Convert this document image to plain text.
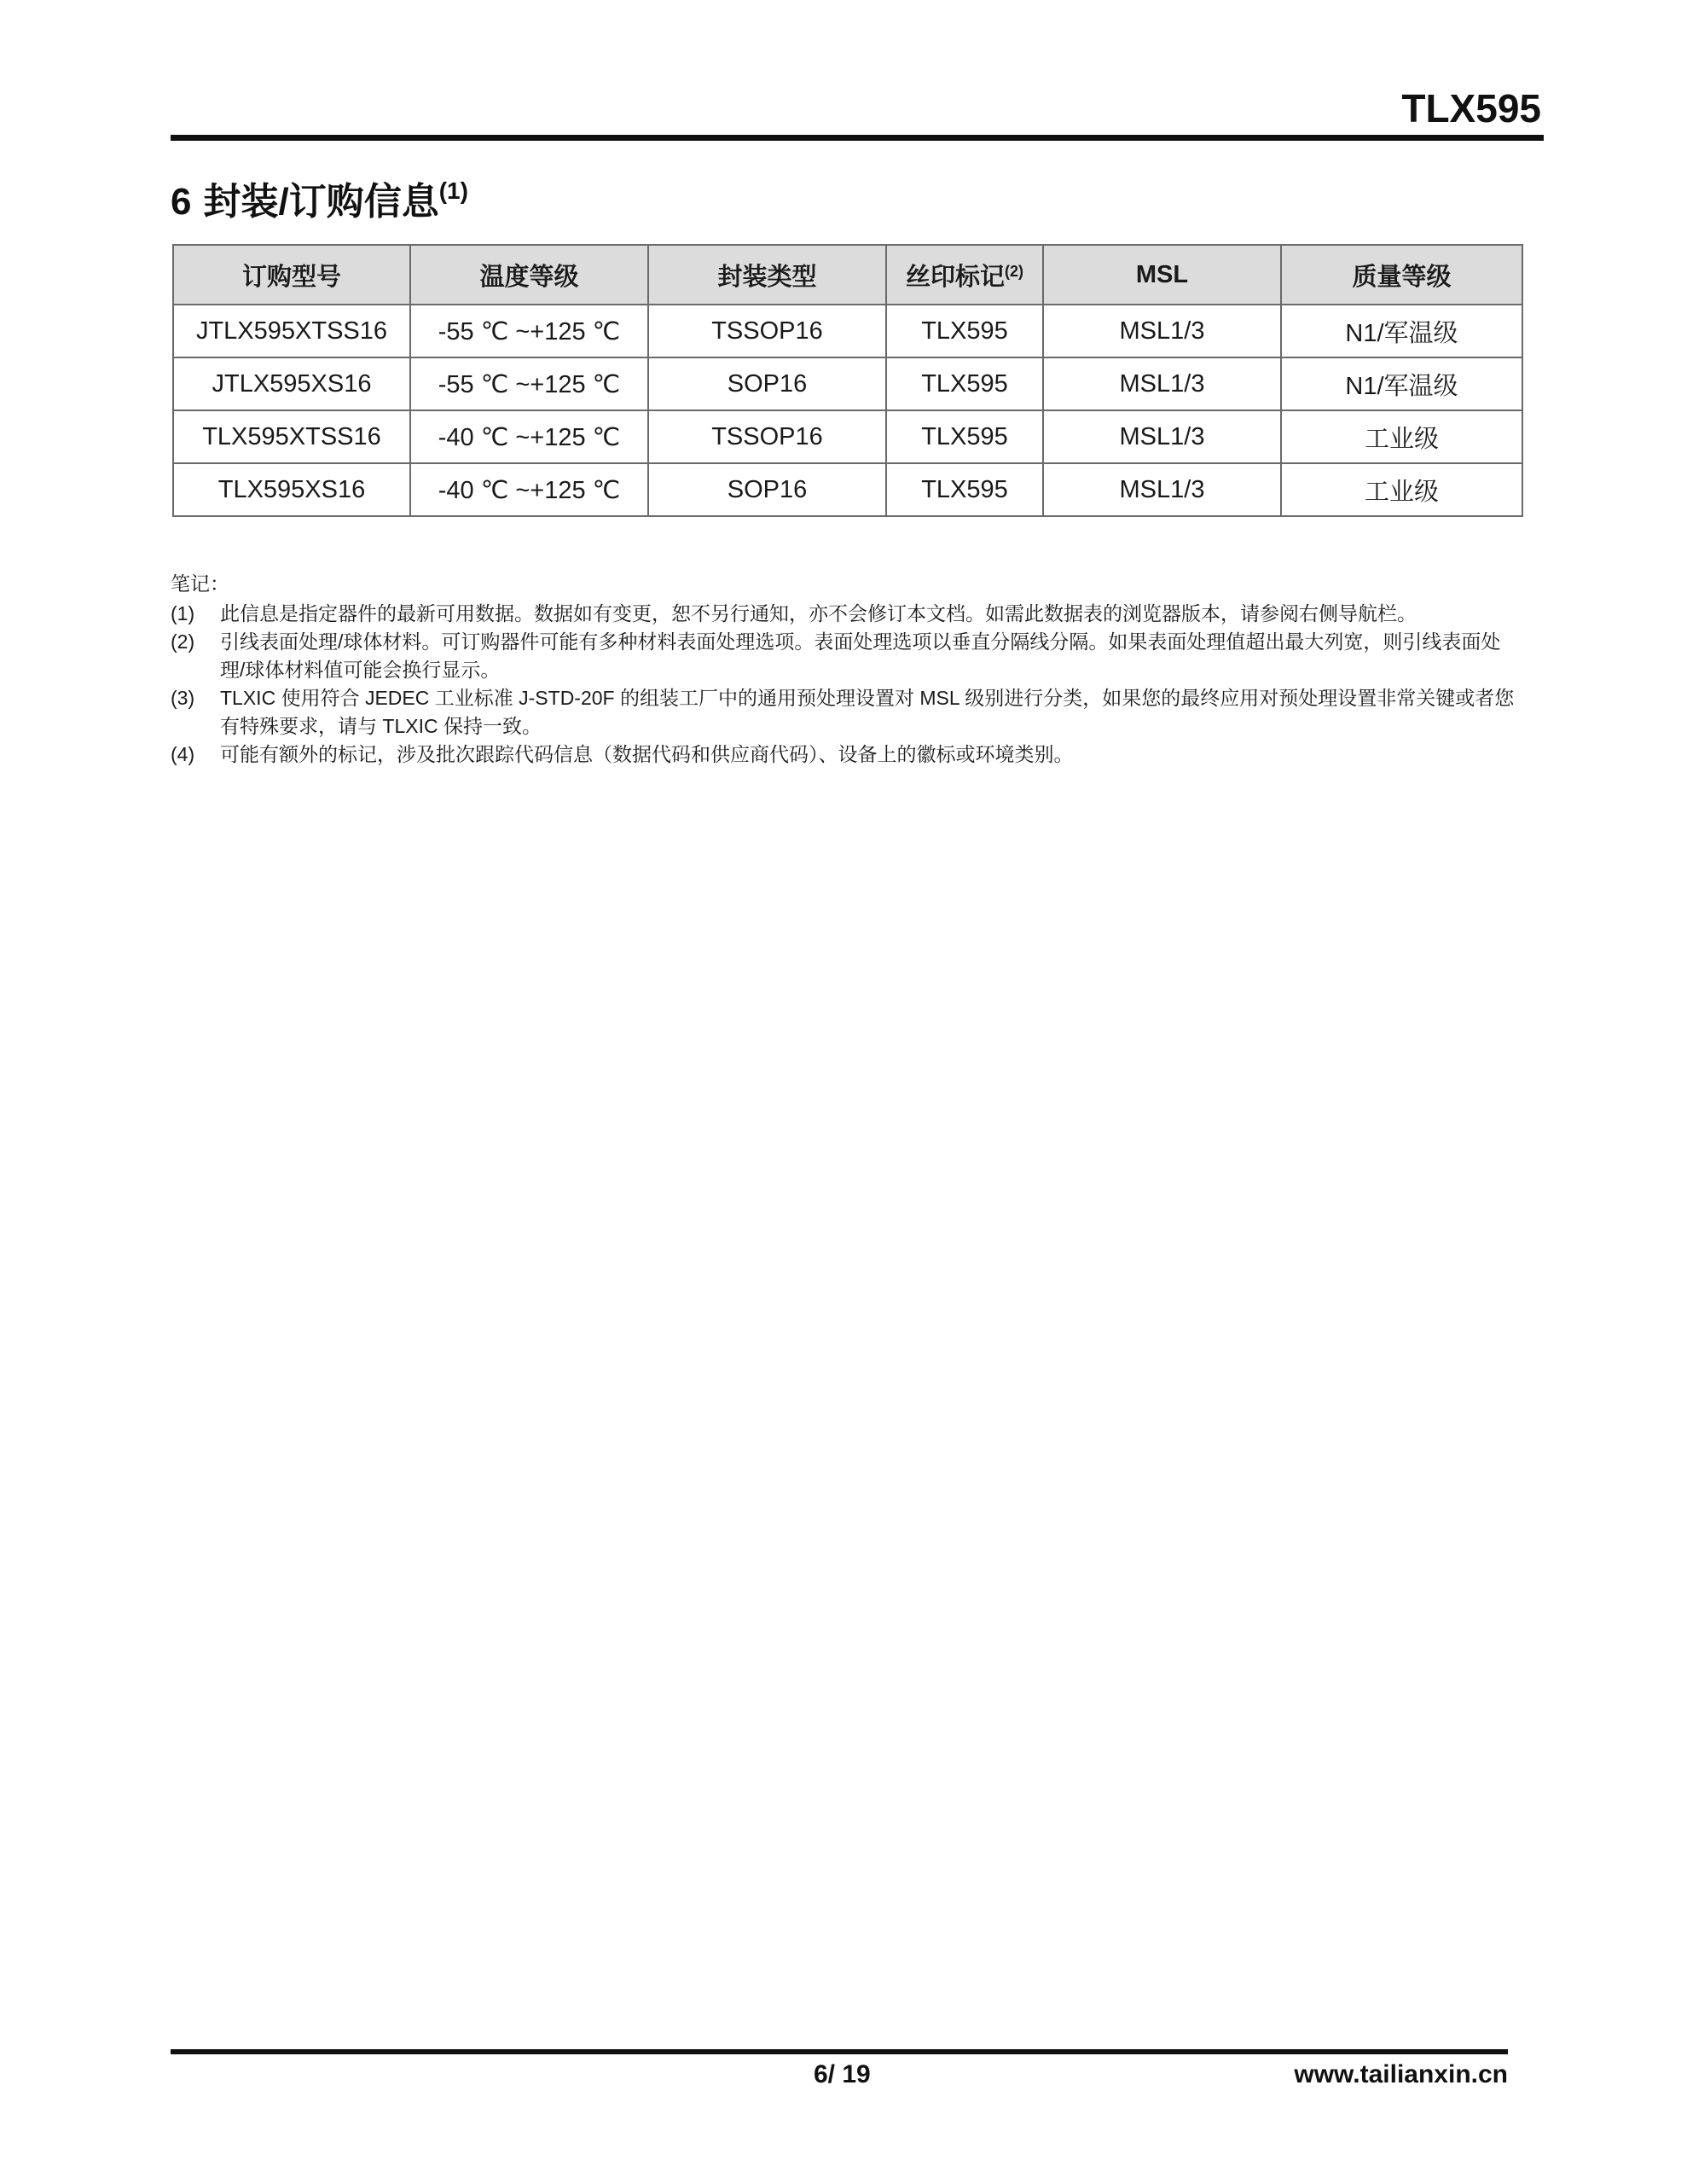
TLX595
6 封装/订购信息$^{(1)}$
订购型号	温度等级	封装类型	丝印标记$^{(2)}$	MSL	质量等级
JTLX595XTSS16	-55 ℃ ~+125 ℃	TSSOP16	TLX595	MSL1/3	N1/军温级
JTLX595XS16	-55 ℃ ~+125 ℃	SOP16	TLX595	MSL1/3	N1/军温级
TLX595XTSS16	-40 ℃ ~+125 ℃	TSSOP16	TLX595	MSL1/3	工业级
TLX595XS16	-40 ℃ ~+125 ℃	SOP16	TLX595	MSL1/3	工业级
笔记：
(1)	此信息是指定器件的最新可用数据。数据如有变更，恕不另行通知，亦不会修订本文档。如需此数据表的浏览器版本，请参阅右侧导航栏。
(2)	引线表面处理/球体材料。可订购器件可能有多种材料表面处理选项。表面处理选项以垂直分隔线分隔。如果表面处理值超出最大列宽，则引线表面处理/球体材料值可能会换行显示。
(3)	TLXIC 使用符合 JEDEC 工业标准 J-STD-20F 的组装工厂中的通用预处理设置对 MSL 级别进行分类，如果您的最终应用对预处理设置非常关键或者您有特殊要求，请与 TLXIC 保持一致。
(4)	可能有额外的标记，涉及批次跟踪代码信息（数据代码和供应商代码）、设备上的徽标或环境类别。
6/ 19	www.tailianxin.cn
